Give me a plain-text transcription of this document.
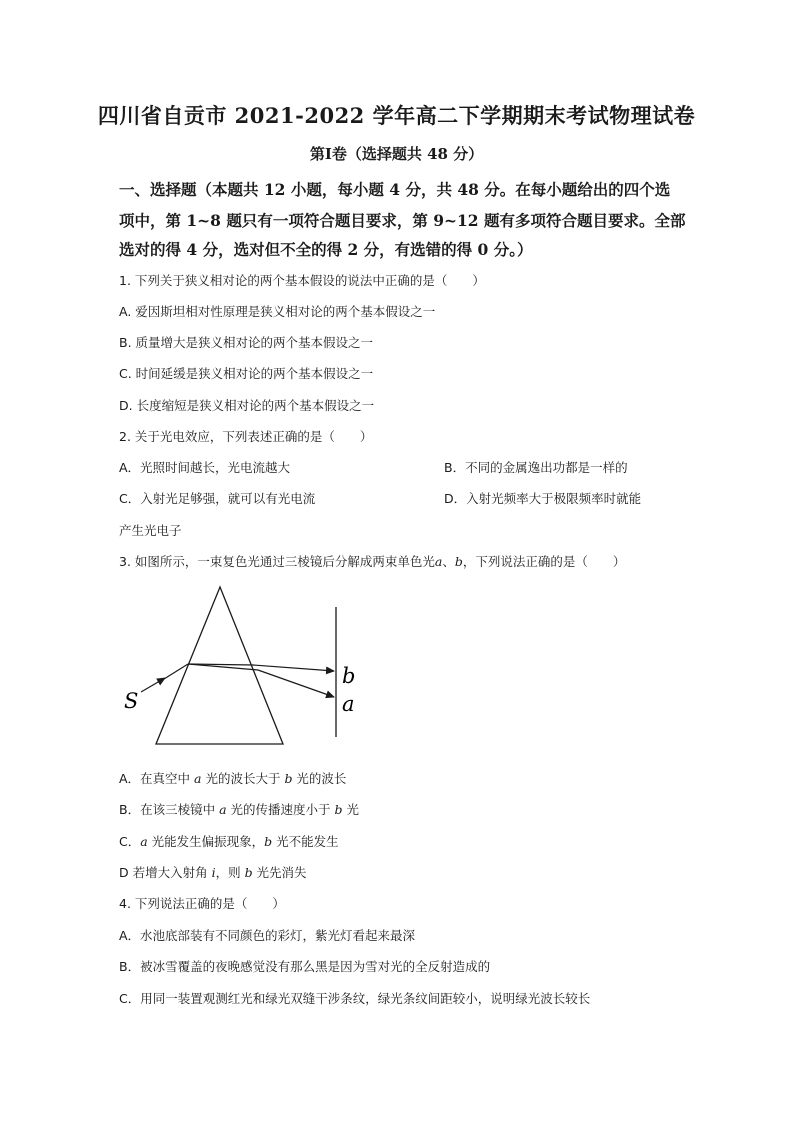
四川省自贡市 2021-2022 学年高二下学期期末考试物理试卷
第Ⅰ卷（选择题共 48 分）
一、选择题（本题共 12 小题，每小题 4 分，共 48 分。在每小题给出的四个选
项中，第 1~8 题只有一项符合题目要求，第 9~12 题有多项符合题目要求。全部
选对的得 4 分，选对但不全的得 2 分，有选错的得 0 分。）
1. 下列关于狭义相对论的两个基本假设的说法中正确的是（　　）
A. 爱因斯坦相对性原理是狭义相对论的两个基本假设之一
B. 质量增大是狭义相对论的两个基本假设之一
C. 时间延缓是狭义相对论的两个基本假设之一
D. 长度缩短是狭义相对论的两个基本假设之一
2. 关于光电效应，下列表述正确的是（　　）
A．光照时间越长，光电流越大	B．不同的金属逸出功都是一样的
C．入射光足够强，就可以有光电流	D．入射光频率大于极限频率时就能
产生光电子
3. 如图所示，一束复色光通过三棱镜后分解成两束单色光a、b，下列说法正确的是（　　）
S
b
a
A．在真空中 a 光的波长大于 b 光的波长
B．在该三棱镜中 a 光的传播速度小于 b 光
C．a 光能发生偏振现象，b 光不能发生
D 若增大入射角 i，则 b 光先消失
4. 下列说法正确的是（　　）
A．水池底部装有不同颜色的彩灯，紫光灯看起来最深
B．被冰雪覆盖的夜晚感觉没有那么黑是因为雪对光的全反射造成的
C．用同一装置观测红光和绿光双缝干涉条纹，绿光条纹间距较小，说明绿光波长较长
